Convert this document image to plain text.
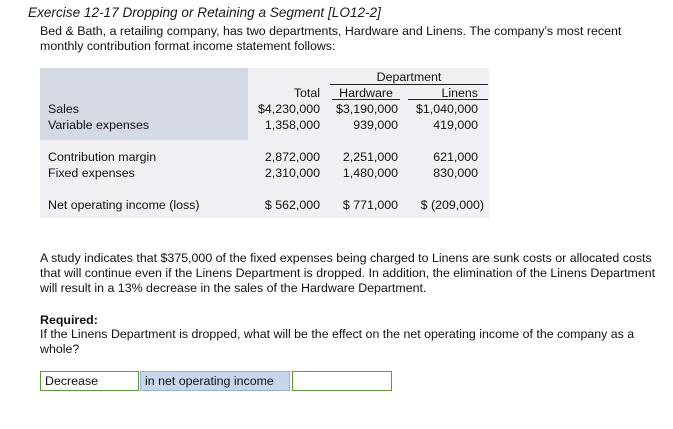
Exercise 12-17 Dropping or Retaining a Segment [LO12-2]
Bed & Bath, a retailing company, has two departments, Hardware and Linens. The company’s most recent monthly contribution format income statement follows:
Department
Total	Hardware	Linens
Sales	$4,230,000	$3,190,000	$1,040,000
Variable expenses	1,358,000	939,000	419,000
Contribution margin	2,872,000	2,251,000	621,000
Fixed expenses	2,310,000	1,480,000	830,000
Net operating income (loss)	$ 562,000	$ 771,000	$ (209,000)
A study indicates that $375,000 of the fixed expenses being charged to Linens are sunk costs or allocated costs that will continue even if the Linens Department is dropped. In addition, the elimination of the Linens Department will result in a 13% decrease in the sales of the Hardware Department.
Required:
If the Linens Department is dropped, what will be the effect on the net operating income of the company as a whole?
Decrease	in net operating income
